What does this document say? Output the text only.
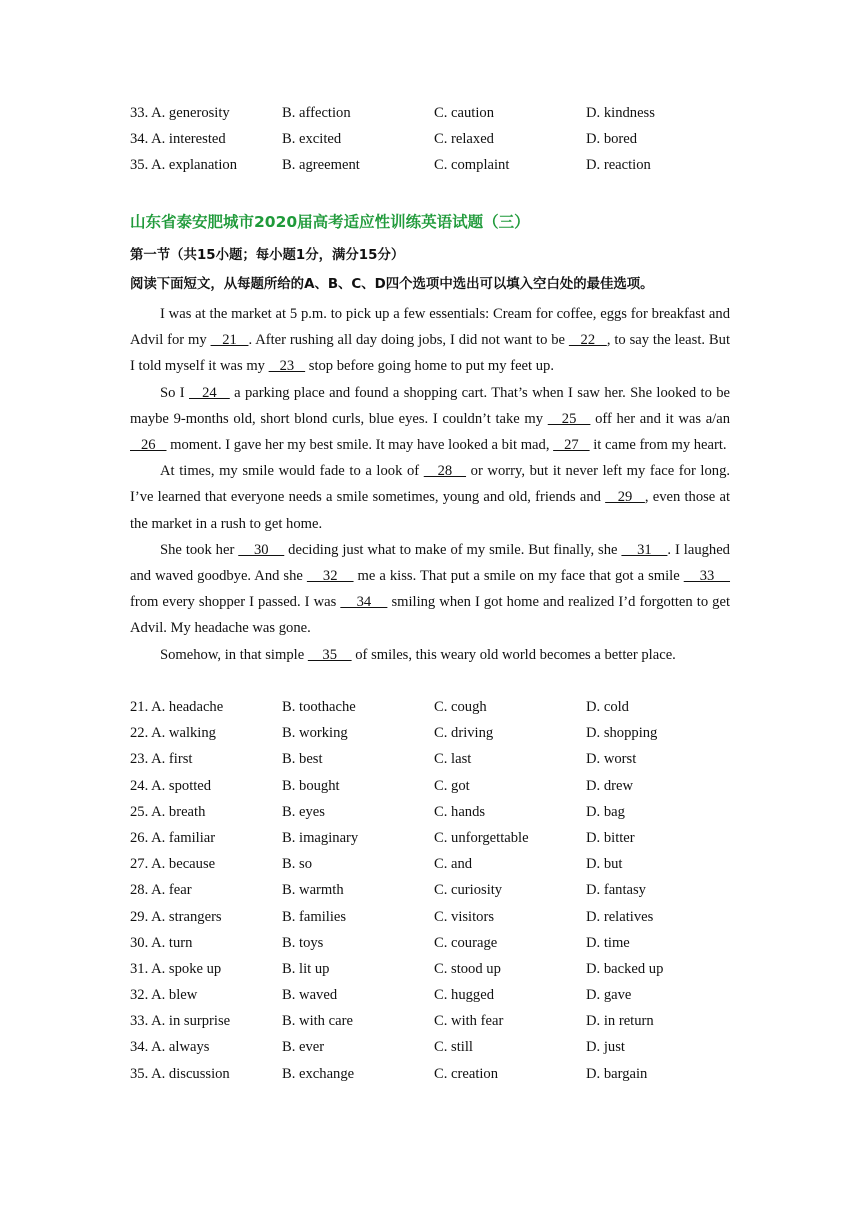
33. A. generosity	B. affection	C. caution	D. kindness
34. A. interested	B. excited	C. relaxed	D. bored
35. A. explanation	B. agreement	C. complaint	D. reaction
山东省泰安肥城市2020届高考适应性训练英语试题（三）
第一节（共15小题；每小题1分，满分15分）
阅读下面短文，从每题所给的A、B、C、D四个选项中选出可以填入空白处的最佳选项。

I was at the market at 5 p.m. to pick up a few essentials: Cream for coffee, eggs for breakfast and Advil for my    21   . After rushing all day doing jobs, I did not want to be    22   , to say the least. But I told myself it was my    23    stop before going home to put my feet up.

So I    24    a parking place and found a shopping cart. That’s when I saw her. She looked to be maybe 9-months old, short blond curls, blue eyes. I couldn’t take my    25    off her and it was a/an    26    moment. I gave her my best smile. It may have looked a bit mad,    27    it came from my heart.

At times, my smile would fade to a look of    28    or worry, but it never left my face for long. I’ve learned that everyone needs a smile sometimes, young and old, friends and    29   , even those at the market in a rush to get home.

She took her     30     deciding just what to make of my smile. But finally, she     31    . I laughed and waved goodbye. And she     32     me a kiss. That put a smile on my face that got a smile     33     from every shopper I passed. I was     34     smiling when I got home and realized I’d forgotten to get Advil. My headache was gone.

Somehow, in that simple     35     of smiles, this weary old world becomes a better place.

21. A. headache	B. toothache	C. cough	D. cold
22. A. walking	B. working	C. driving	D. shopping
23. A. first	B. best	C. last	D. worst
24. A. spotted	B. bought	C. got	D. drew
25. A. breath	B. eyes	C. hands	D. bag
26. A. familiar	B. imaginary	C. unforgettable	D. bitter
27. A. because	B. so	C. and	D. but
28. A. fear	B. warmth	C. curiosity	D. fantasy
29. A. strangers	B. families	C. visitors	D. relatives
30. A. turn	B. toys	C. courage	D. time
31. A. spoke up	B. lit up	C. stood up	D. backed up
32. A. blew	B. waved	C. hugged	D. gave
33. A. in surprise	B. with care	C. with fear	D. in return
34. A. always	B. ever	C. still	D. just
35. A. discussion	B. exchange	C. creation	D. bargain
